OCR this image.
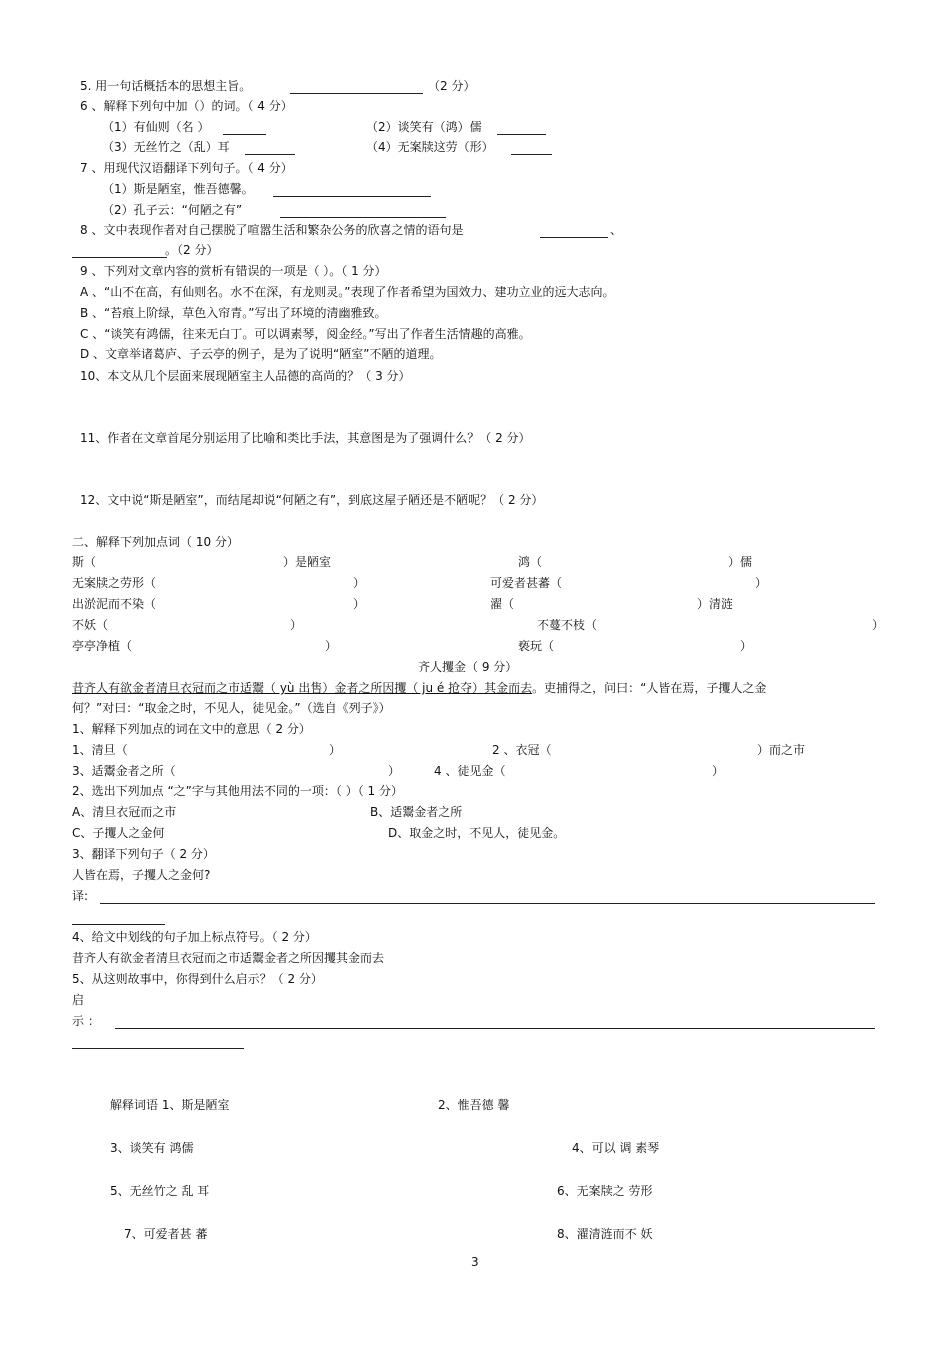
5. 用一句话概括本的思想主旨。	（2 分）
6 、解释下列句中加（）的词。（ 4 分）
（1）有仙则（名 ）	（2）谈笑有（鸿）儒
（3）无丝竹之（乱）耳	（4）无案牍这劳（形）
7 、用现代汉语翻译下列句子。（ 4 分）
（1）斯是陋室，惟吾德馨。
（2）孔子云：“何陋之有”
8 、文中表现作者对自己摆脱了喧嚣生活和繁杂公务的欣喜之情的语句是	、
。（2 分）
9 、下列对文章内容的赏析有错误的一项是（ ）。（ 1 分）
A 、“山不在高，有仙则名。水不在深，有龙则灵。”表现了作者希望为国效力、建功立业的远大志向。
B 、“苔痕上阶绿，草色入帘青。”写出了环境的清幽雅致。
C 、“谈笑有鸿儒，往来无白丁。可以调素琴，阅金经。”写出了作者生活情趣的高雅。
D 、文章举诸葛庐、子云亭的例子，是为了说明“陋室”不陋的道理。
10、本文从几个层面来展现陋室主人品德的高尚的？（ 3 分）
11、作者在文章首尾分别运用了比喻和类比手法，其意图是为了强调什么？（ 2 分）
12、文中说“斯是陋室”，而结尾却说“何陋之有”，到底这屋子陋还是不陋呢？（ 2 分）
二、解释下列加点词（ 10 分）
斯（	）是陋室	鸿（	）儒
无案牍之劳形（	）	可爱者甚蕃（	）
出淤泥而不染（	）	濯（	）清涟
不妖（	）	不蔓不枝（	）
亭亭净植（	）	亵玩（	）
齐人攫金（ 9 分）
昔齐人有欲金者清旦衣冠而之市适鬻（ yù 出售）金者之所因攫（ ju é 抢夺）其金而去。吏捕得之，问曰：“人皆在焉，子攫人之金
何？”对曰：“取金之时，不见人，徒见金。”（选自《列子》）
1、解释下列加点的词在文中的意思（ 2 分）
1、清旦（	）	2 、衣冠（	）而之市
3、适鬻金者之所（	）	4 、徒见金（	）
2、选出下列加点 “之”字与其他用法不同的一项：（ ）（ 1 分）
A、清旦衣冠而之市	B、适鬻金者之所
C、子攫人之金何	D、取金之时，不见人，徒见金。
3、翻译下列句子（ 2 分）
人皆在焉，子攫人之金何?
译:
4、给文中划线的句子加上标点符号。（ 2 分）
昔齐人有欲金者清旦衣冠而之市适鬻金者之所因攫其金而去
5、从这则故事中，你得到什么启示？（ 2 分）
启
示 ：
解释词语 1、斯是陋室	2、惟吾德 馨
3、谈笑有 鸿儒	4、可以 调 素琴
5、无丝竹之 乱 耳	6、无案牍之 劳形
7、可爱者甚 蕃	8、濯清涟而不 妖
3
